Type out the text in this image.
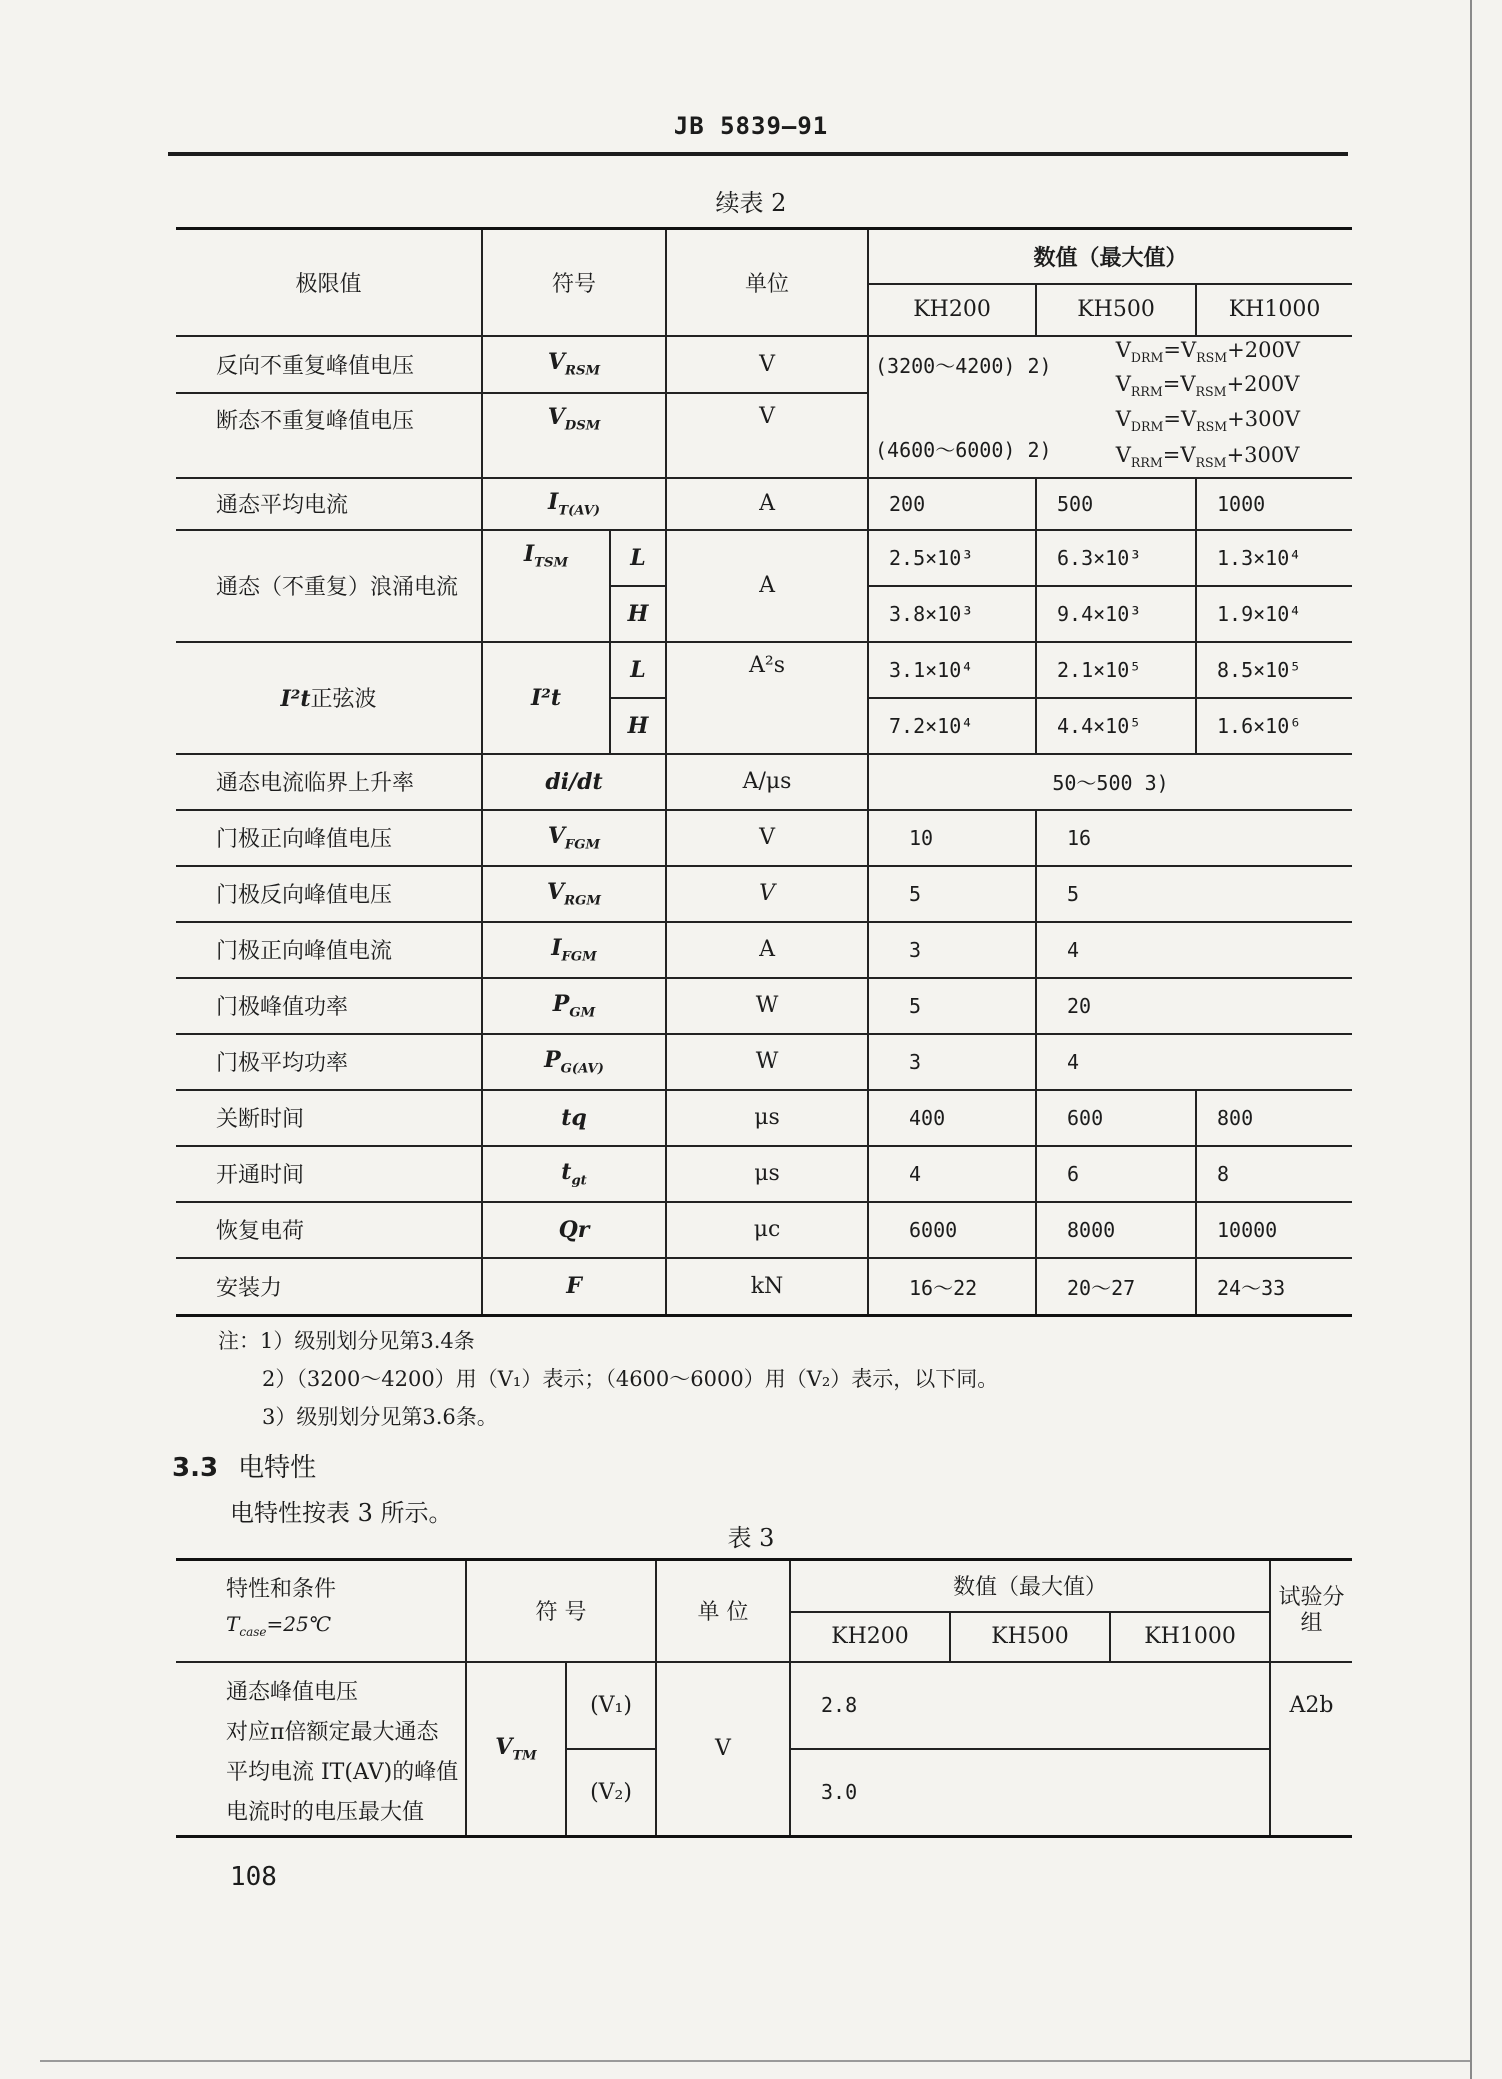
JB 5839—91
续表 2
极限值	符号		单位	数值（最大值）		
				KH200	KH500	KH1000
反向不重复峰值电压	$V_{RSM}$		V	(3200～4200) 2)
$V_{DRM}=V_{RSM}+200V$
$V_{RRM}=V_{RSM}+200V$		

断态不重复峰值电压	$V_{DSM}$		V	(4600～6000) 2)
$V_{DRM}=V_{RSM}+300V$
$V_{RRM}=V_{RSM}+300V$		

通态平均电流	$I_{T(AV)}$		A	200	500	1000
通态（不重复）浪涌电流	$I_{TSM}$	L	A	2.5×10³	6.3×10³	1.3×10⁴
		H		3.8×10³	9.4×10³	1.9×10⁴
I²t正弦波	I²t	L	A²s	3.1×10⁴	2.1×10⁵	8.5×10⁵
		H		7.2×10⁴	4.4×10⁵	1.6×10⁶
通态电流临界上升率	di/dt		A/μs	50～500 3)		
门极正向峰值电压	$V_{FGM}$		V	10	16	
门极反向峰值电压	$V_{RGM}$		V	5	5	
门极正向峰值电流	$I_{FGM}$		A	3	4	
门极峰值功率	$P_{GM}$		W	5	20	
门极平均功率	$P_{G(AV)}$		W	3	4	
关断时间	tq		μs	400	600	800
开通时间	$t_{gt}$		μs	4	6	8
恢复电荷	Qr		μc	6000	8000	10000
安装力	F		kN	16～22	20～27	24～33
注：1）级别划分见第3.4条
2）（3200～4200）用（V₁）表示；（4600～6000）用（V₂）表示，以下同。
3）级别划分见第3.6条。
3.3 电特性
电特性按表 3 所示。
表 3
特性和条件
$T_{case}=25℃$	符 号		单 位	数值（最大值）			试验分组
				KH200	KH500	KH1000	

通态峰值电压
对应π倍额定最大通态
平均电流 IT(AV)的峰值
电流时的电压最大值	$V_{TM}$	(V₁)	V	2.8			A2b
		(V₂)		3.0			
108
